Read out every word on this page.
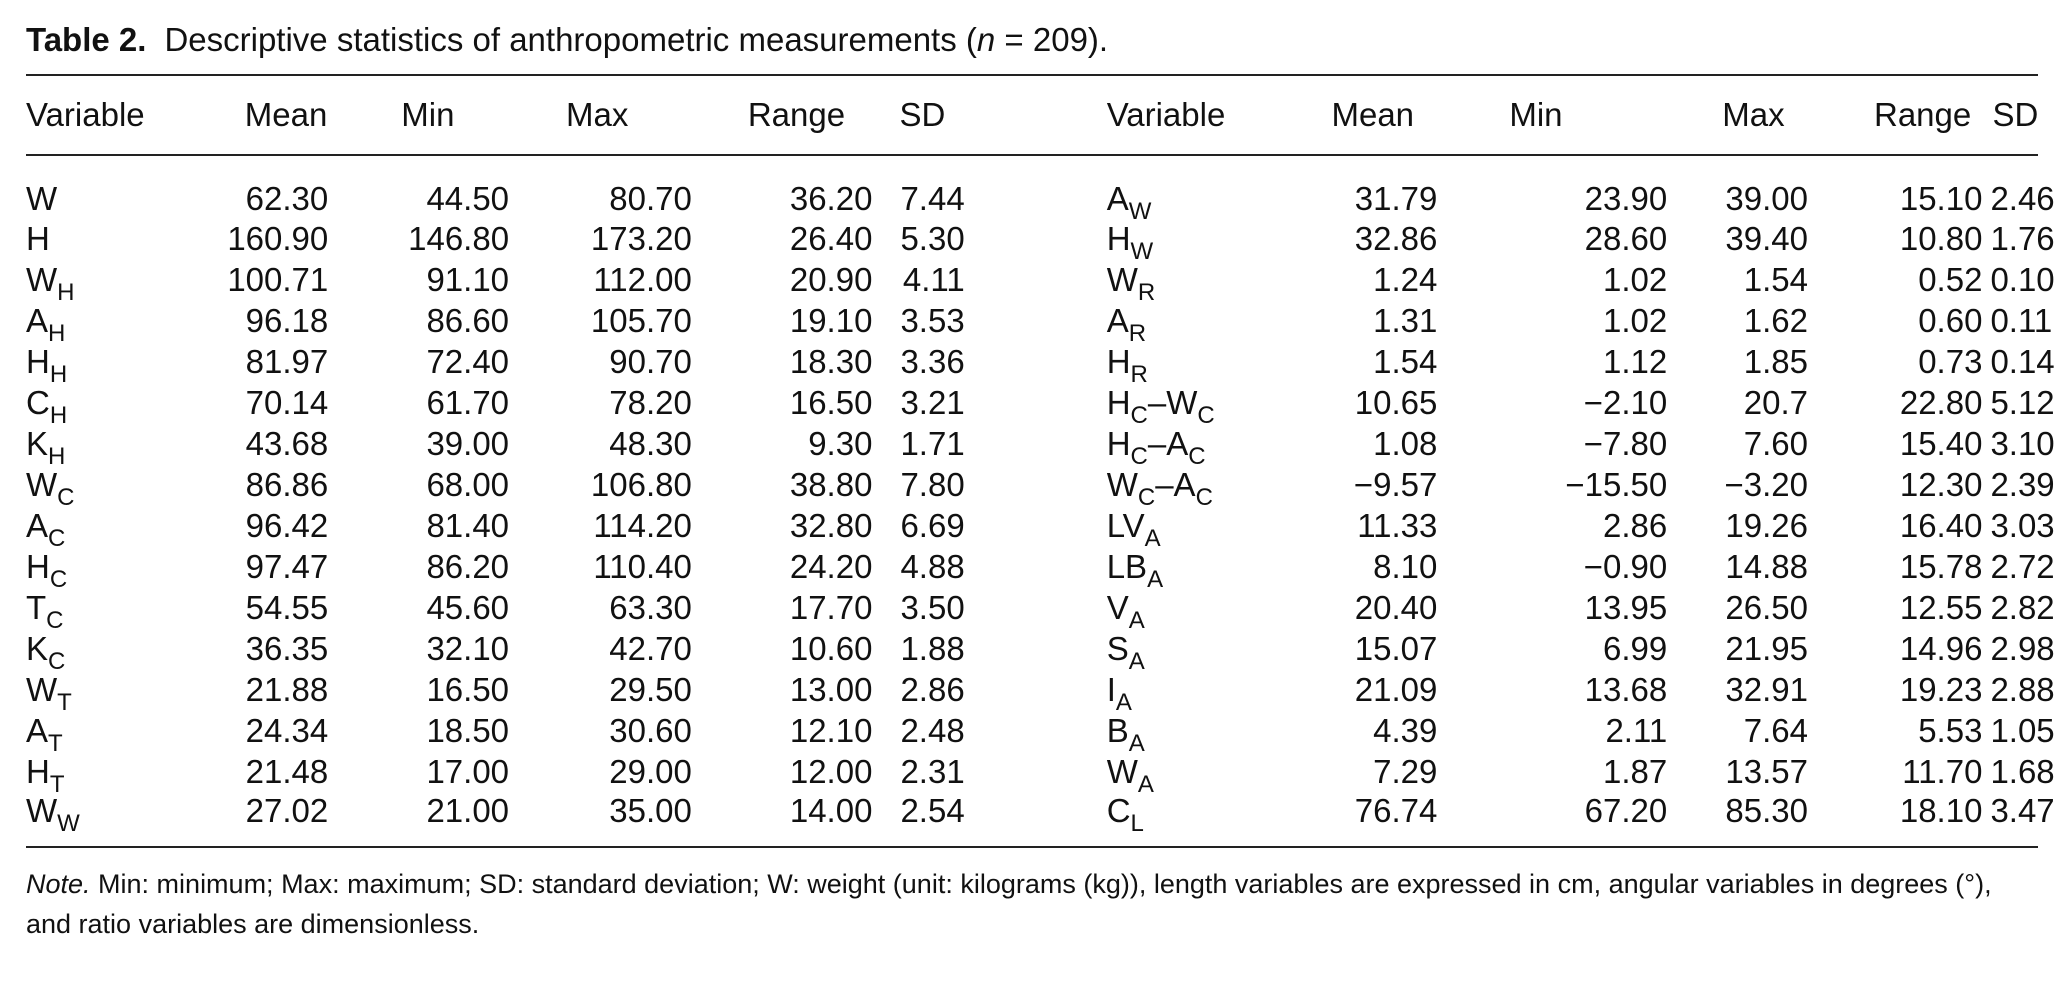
Table 2. Descriptive statistics of anthropometric measurements (n = 209).
Variable	Mean	Min	Max	Range	SD	Variable	Mean	Min	Max	Range	SD
W	62.30	44.50	80.70	36.20	7.44	$A_W$	31.79	23.90	39.00	15.10	2.46
H	160.90	146.80	173.20	26.40	5.30	$H_W$	32.86	28.60	39.40	10.80	1.76
$W_H$	100.71	91.10	112.00	20.90	4.11	$W_R$	1.24	1.02	1.54	0.52	0.10
$A_H$	96.18	86.60	105.70	19.10	3.53	$A_R$	1.31	1.02	1.62	0.60	0.11
$H_H$	81.97	72.40	90.70	18.30	3.36	$H_R$	1.54	1.12	1.85	0.73	0.14
$C_H$	70.14	61.70	78.20	16.50	3.21	$H_C-W_C$	10.65	−2.10	20.7	22.80	5.12
$K_H$	43.68	39.00	48.30	9.30	1.71	$H_C-A_C$	1.08	−7.80	7.60	15.40	3.10
$W_C$	86.86	68.00	106.80	38.80	7.80	$W_C-A_C$	−9.57	−15.50	−3.20	12.30	2.39
$A_C$	96.42	81.40	114.20	32.80	6.69	$LV_A$	11.33	2.86	19.26	16.40	3.03
$H_C$	97.47	86.20	110.40	24.20	4.88	$LB_A$	8.10	−0.90	14.88	15.78	2.72
$T_C$	54.55	45.60	63.30	17.70	3.50	$V_A$	20.40	13.95	26.50	12.55	2.82
$K_C$	36.35	32.10	42.70	10.60	1.88	$S_A$	15.07	6.99	21.95	14.96	2.98
$W_T$	21.88	16.50	29.50	13.00	2.86	$I_A$	21.09	13.68	32.91	19.23	2.88
$A_T$	24.34	18.50	30.60	12.10	2.48	$B_A$	4.39	2.11	7.64	5.53	1.05
$H_T$	21.48	17.00	29.00	12.00	2.31	$W_A$	7.29	1.87	13.57	11.70	1.68
$W_W$	27.02	21.00	35.00	14.00	2.54	$C_L$	76.74	67.20	85.30	18.10	3.47
Note. Min: minimum; Max: maximum; SD: standard deviation; W: weight (unit: kilograms (kg)), length variables are expressed in cm, angular variables in degrees (°), and ratio variables are dimensionless.
